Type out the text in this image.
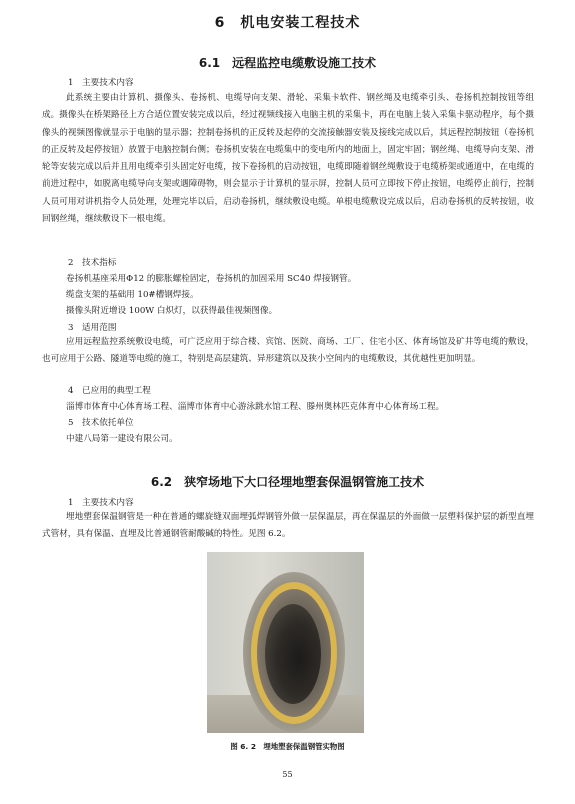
6　机电安装工程技术
6.1　远程监控电缆敷设施工技术
1　主要技术内容
此系统主要由计算机、摄像头、卷扬机、电缆导向支架、滑轮、采集卡软件、钢丝绳及电缆牵引头、卷扬机控制按钮等组成。摄像头在桥架路径上方合适位置安装完成以后，经过视频线接入电脑主机的采集卡，再在电脑上装入采集卡驱动程序，每个摄像头的视频图像就显示于电脑的显示器；控制卷扬机的正反转及起停的交流接触器安装及接线完成以后，其远程控制按钮（卷扬机的正反转及起停按钮）放置于电脑控制台侧；卷扬机安装在电缆集中的变电所内的地面上，固定牢固；钢丝绳、电缆导向支架、滑轮等安装完成以后并且用电缆牵引头固定好电缆，按下卷扬机的启动按钮，电缆即随着钢丝绳敷设于电缆桥架或通道中，在电缆的前进过程中，如脱离电缆导向支架或遇障碍物，则会显示于计算机的显示屏，控制人员可立即按下停止按钮，电缆停止前行，控制人员可用对讲机指令人员处理，处理完毕以后，启动卷扬机，继续敷设电缆。单根电缆敷设完成以后，启动卷扬机的反转按钮，收回钢丝绳，继续敷设下一根电缆。
2　技术指标
卷扬机基座采用Φ12 的膨胀螺栓固定，卷扬机的加固采用 SC40 焊接钢管。
缆盘支架的基础用 10#槽钢焊接。
摄像头附近增设 100W 白炽灯，以获得最佳视频图像。
3　适用范围
应用远程监控系统敷设电缆，可广泛应用于综合楼、宾馆、医院、商场、工厂、住宅小区、体育场馆及矿井等电缆的敷设，也可应用于公路、隧道等电缆的施工，特别是高层建筑、异形建筑以及狭小空间内的电缆敷设，其优越性更加明显。
4　已应用的典型工程
淄博市体育中心体育场工程、淄博市体育中心游泳跳水馆工程、滕州奥林匹克体育中心体育场工程。
5　技术依托单位
中建八局第一建设有限公司。
6.2　狭窄场地下大口径埋地塑套保温钢管施工技术
1　主要技术内容
埋地塑套保温钢管是一种在普通的螺旋缝双面埋弧焊钢管外做一层保温层，再在保温层的外面做一层塑料保护层的新型直埋式管材，具有保温、直埋及比普通钢管耐酸碱的特性。见图 6.2。
图 6. 2　埋地塑套保温钢管实物图
55
